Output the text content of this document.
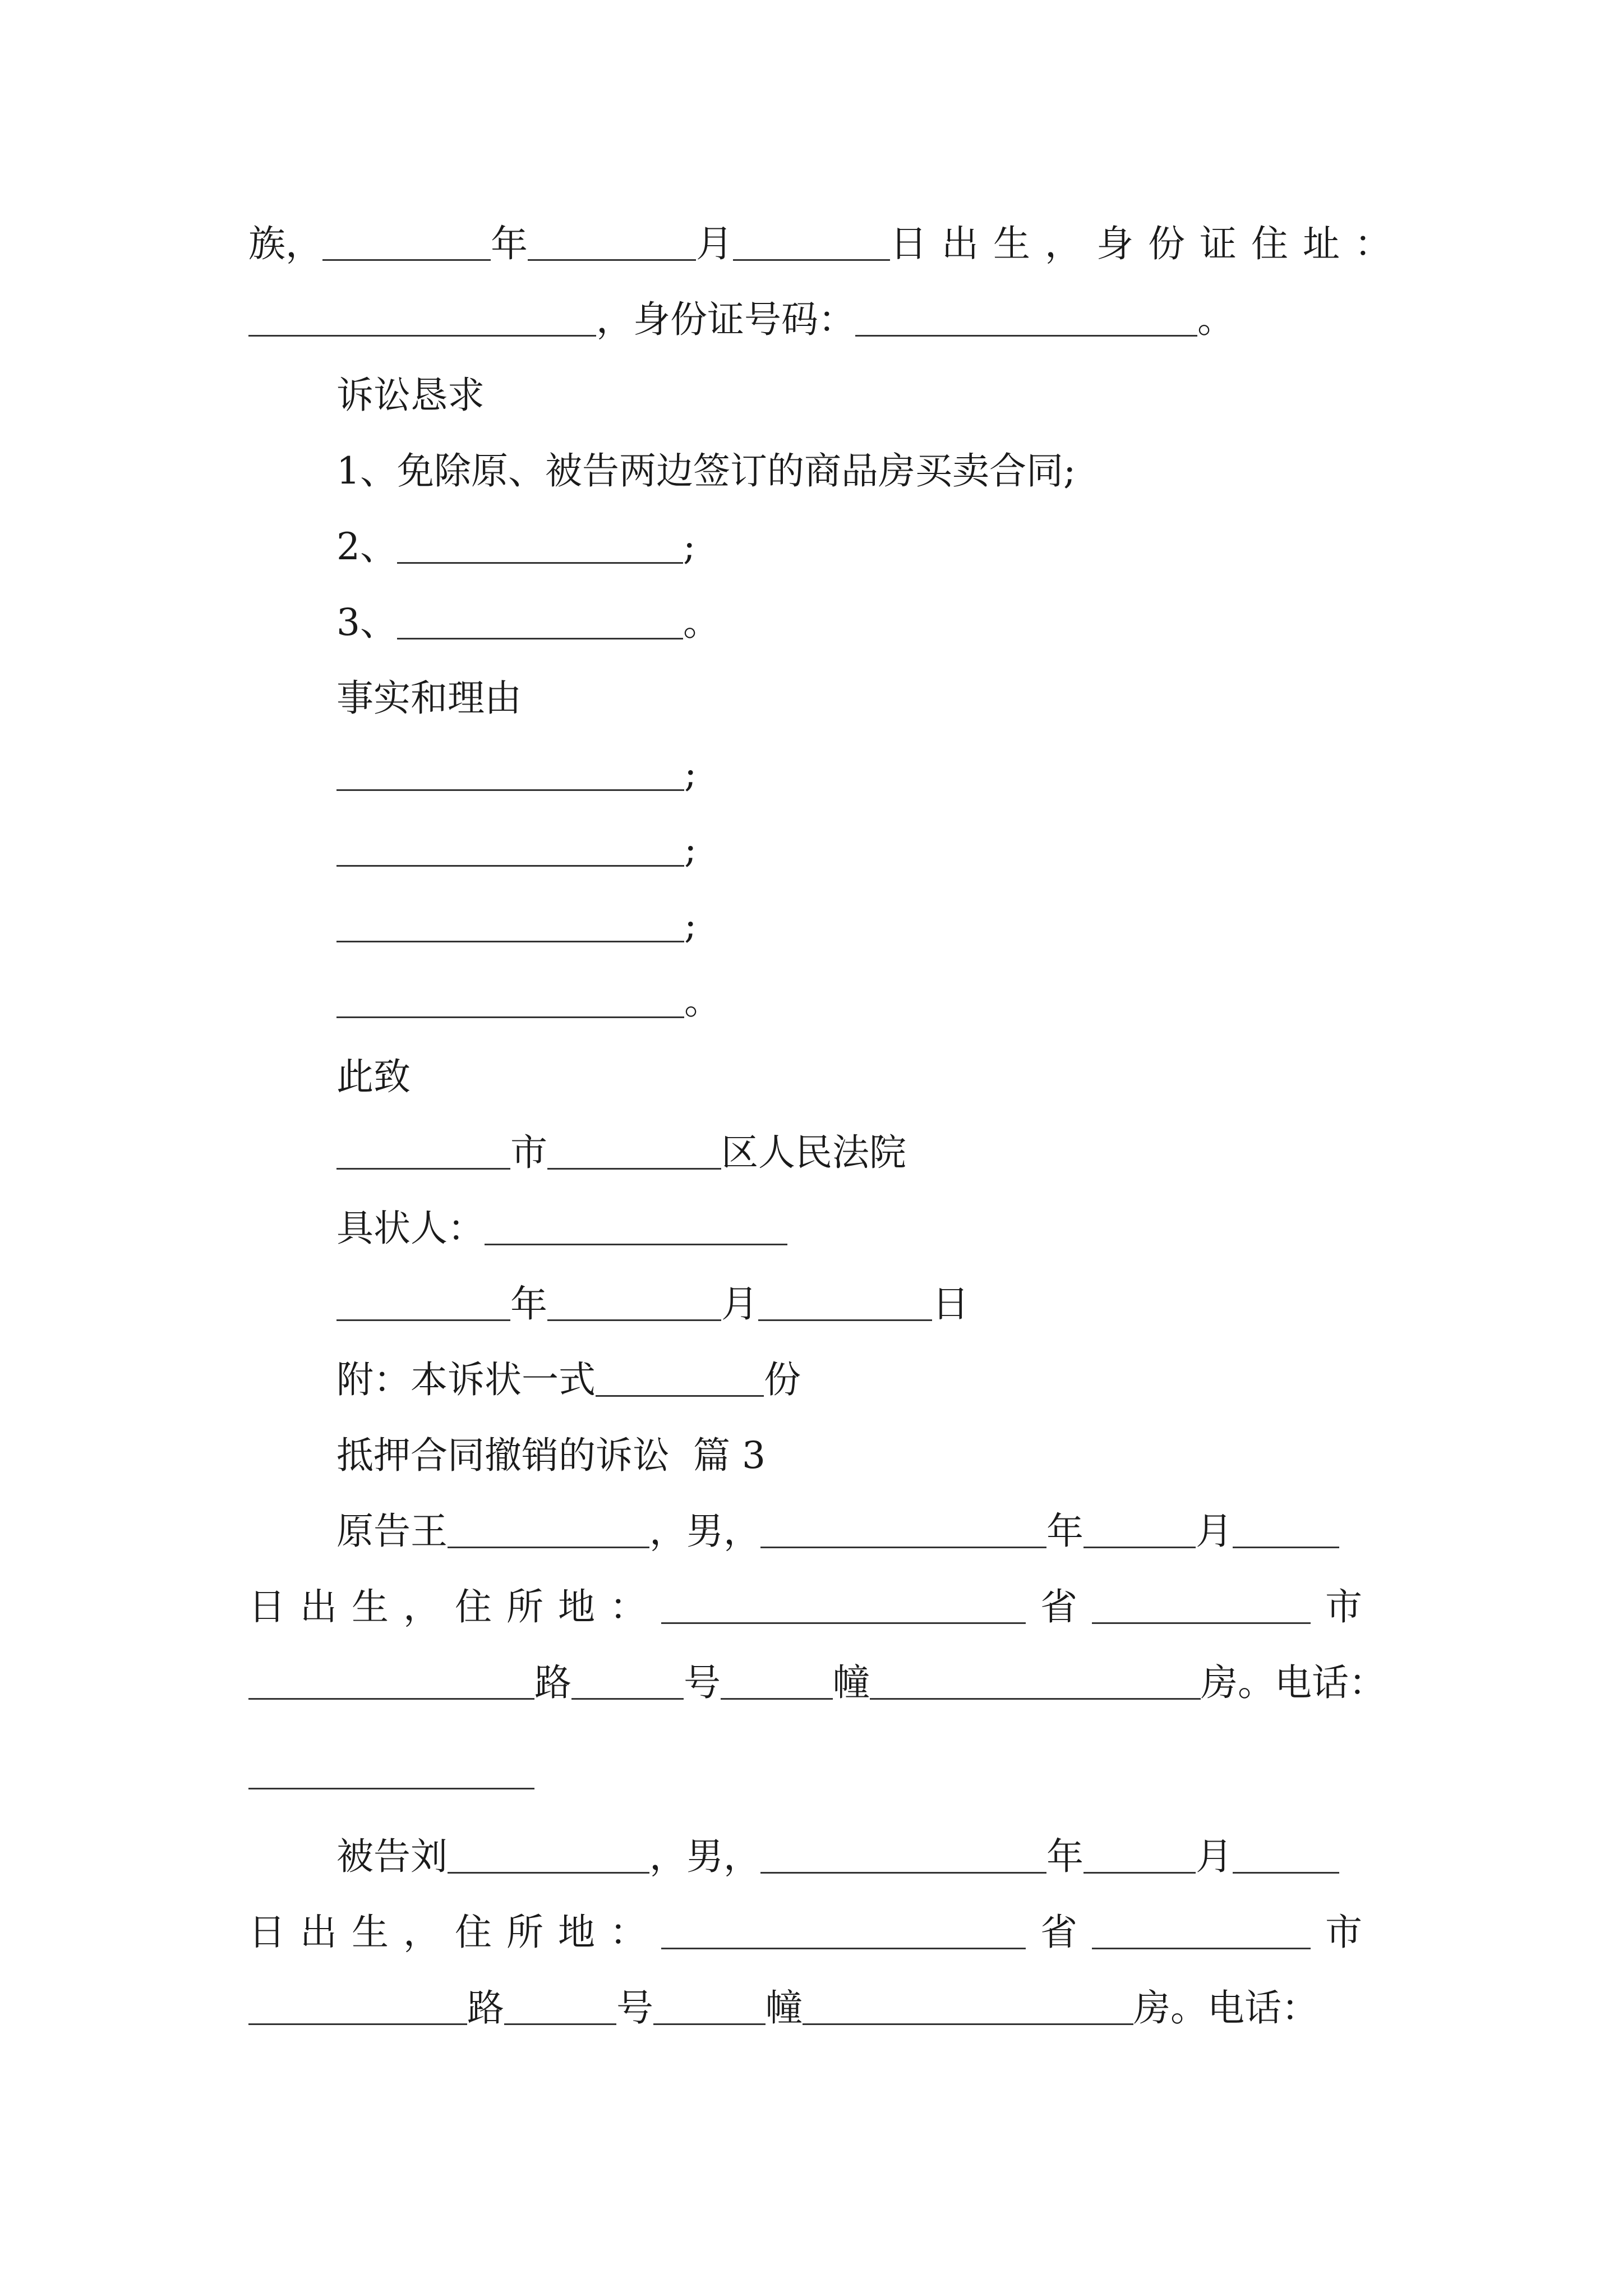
族，	年	月	日出生，身份证住址：
，身份证号码：	。
诉讼恳求
1、免除原、被告两边签订的商品房买卖合同;
2、	;
3、	。
事实和理由
;
;
;
。
此致
市	区人民法院
具状人：
年	月	日
附：本诉状一式	份
抵押合同撤销的诉讼  篇 3
原告王	，男，	年	月
日出生，住所地：	省	市
路	号	幢	房。电话：
被告刘	，男，	年	月
日出生，住所地：	省	市
路	号	幢	房。电话：
